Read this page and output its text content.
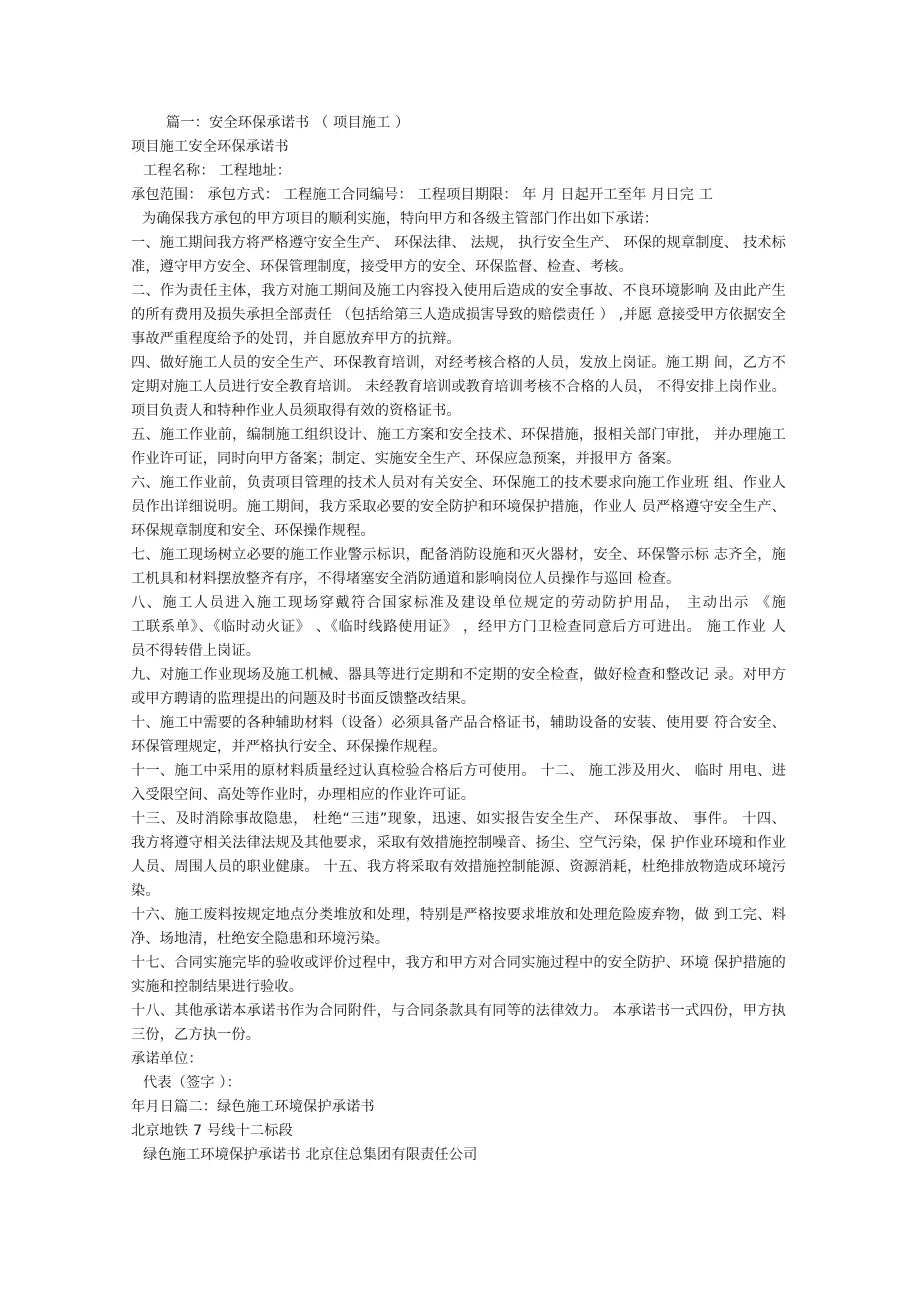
篇一：安全环保承诺书 （ 项目施工 ）
项目施工安全环保承诺书
工程名称： 工程地址：
承包范围： 承包方式： 工程施工合同编号： 工程项目期限： 年 月 日起开工至年 月日完 工
为确保我方承包的甲方项目的顺利实施，特向甲方和各级主管部门作出如下承诺：
一、施工期间我方将严格遵守安全生产、 环保法律、 法规， 执行安全生产、 环保的规章制度、 技术标
准，遵守甲方安全、环保管理制度，接受甲方的安全、环保监督、检查、考核。
二、作为责任主体，我方对施工期间及施工内容投入使用后造成的安全事故、不良环境影响 及由此产生
的所有费用及损失承担全部责任 （包括给第三人造成损害导致的赔偿责任 ） ,并愿 意接受甲方依据安全
事故严重程度给予的处罚，并自愿放弃甲方的抗辩。
四、做好施工人员的安全生产、环保教育培训，对经考核合格的人员，发放上岗证。施工期 间，乙方不
定期对施工人员进行安全教育培训。 未经教育培训或教育培训考核不合格的人员， 不得安排上岗作业。
项目负责人和特种作业人员须取得有效的资格证书。
五、施工作业前，编制施工组织设计、施工方案和安全技术、环保措施，报相关部门审批， 并办理施工
作业许可证，同时向甲方备案；制定、实施安全生产、环保应急预案，并报甲方 备案。
六、施工作业前，负责项目管理的技术人员对有关安全、环保施工的技术要求向施工作业班 组、作业人
员作出详细说明。施工期间，我方采取必要的安全防护和环境保护措施，作业人 员严格遵守安全生产、
环保规章制度和安全、环保操作规程。
七、施工现场树立必要的施工作业警示标识，配备消防设施和灭火器材，安全、环保警示标 志齐全，施
工机具和材料摆放整齐有序，不得堵塞安全消防通道和影响岗位人员操作与巡回 检查。
八、施工人员进入施工现场穿戴符合国家标准及建设单位规定的劳动防护用品， 主动出示 《施
工联系单》、《临时动火证》 、《临时线路使用证》 ，经甲方门卫检查同意后方可进出。 施工作业 人
员不得转借上岗证。
九、对施工作业现场及施工机械、器具等进行定期和不定期的安全检查，做好检查和整改记 录。对甲方
或甲方聘请的监理提出的问题及时书面反馈整改结果。
十、施工中需要的各种辅助材料（设备）必须具备产品合格证书，辅助设备的安装、使用要 符合安全、
环保管理规定，并严格执行安全、环保操作规程。
十一、施工中采用的原材料质量经过认真检验合格后方可使用。 十二、 施工涉及用火、 临时 用电、进
入受限空间、高处等作业时，办理相应的作业许可证。
十三、及时消除事故隐患， 杜绝“三违”现象，迅速、如实报告安全生产、 环保事故、 事件。 十四、
我方将遵守相关法律法规及其他要求，采取有效措施控制噪音、扬尘、空气污染，保 护作业环境和作业
人员、周围人员的职业健康。 十五、我方将采取有效措施控制能源、资源消耗，杜绝排放物造成环境污
染。
十六、施工废料按规定地点分类堆放和处理，特别是严格按要求堆放和处理危险废弃物，做 到工完、料
净、场地清，杜绝安全隐患和环境污染。
十七、合同实施完毕的验收或评价过程中，我方和甲方对合同实施过程中的安全防护、环境 保护措施的
实施和控制结果进行验收。
十八、其他承诺本承诺书作为合同附件，与合同条款具有同等的法律效力。 本承诺书一式四份，甲方执
三份，乙方执一份。
承诺单位：
代表（签字 ）：
年月日篇二：绿色施工环境保护承诺书
北京地铁 7 号线十二标段
绿色施工环境保护承诺书 北京住总集团有限责任公司
